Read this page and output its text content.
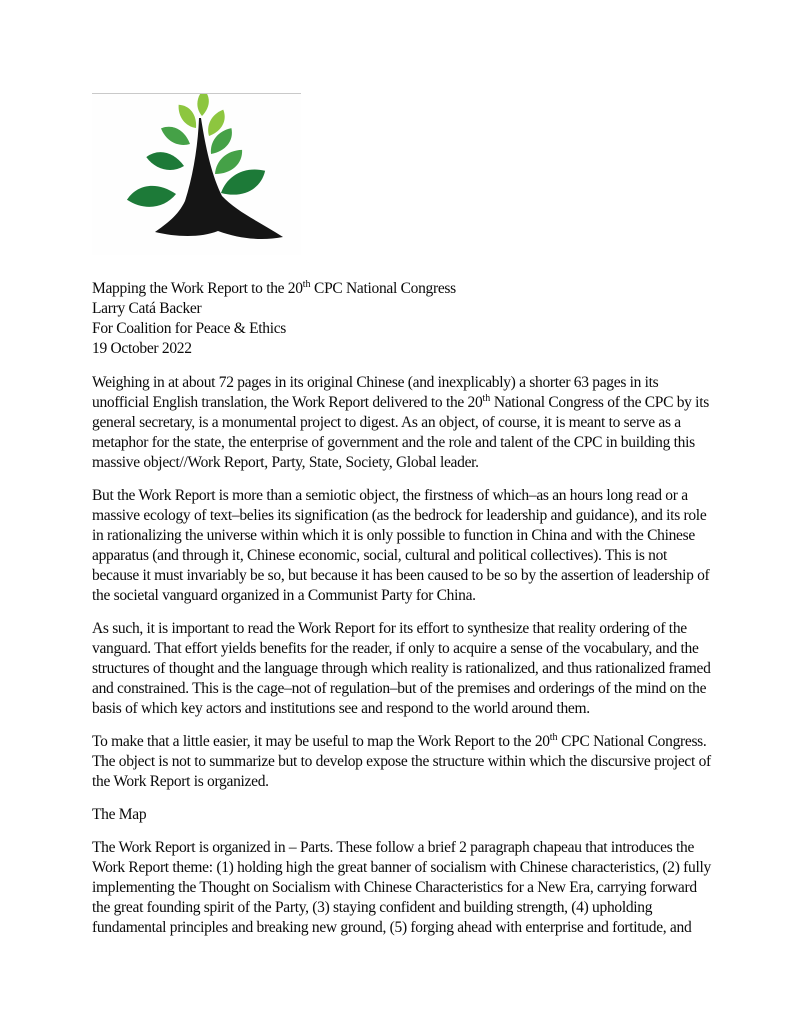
Mapping the Work Report to the 20th CPC National Congress

Larry Catá Backer

For Coalition for Peace & Ethics

19 October 2022

Weighing in at about 72 pages in its original Chinese (and inexplicably) a shorter 63 pages in its unofficial English translation, the Work Report delivered to the 20th National Congress of the CPC by its general secretary, is a monumental project to digest. As an object, of course, it is meant to serve as a metaphor for the state, the enterprise of government and the role and talent of the CPC in building this massive object//Work Report, Party, State, Society, Global leader.

But the Work Report is more than a semiotic object, the firstness of which–as an hours long read or a massive ecology of text–belies its signification (as the bedrock for leadership and guidance), and its role in rationalizing the universe within which it is only possible to function in China and with the Chinese apparatus (and through it, Chinese economic, social, cultural and political collectives). This is not because it must invariably be so, but because it has been caused to be so by the assertion of leadership of the societal vanguard organized in a Communist Party for China.

As such, it is important to read the Work Report for its effort to synthesize that reality ordering of the vanguard. That effort yields benefits for the reader, if only to acquire a sense of the vocabulary, and the structures of thought and the language through which reality is rationalized, and thus rationalized framed and constrained. This is the cage–not of regulation–but of the premises and orderings of the mind on the basis of which key actors and institutions see and respond to the world around them.

To make that a little easier, it may be useful to map the Work Report to the 20th CPC National Congress. The object is not to summarize but to develop expose the structure within which the discursive project of the Work Report is organized.

The Map

The Work Report is organized in – Parts. These follow a brief 2 paragraph chapeau that introduces the Work Report theme: (1) holding high the great banner of socialism with Chinese characteristics, (2) fully implementing the Thought on Socialism with Chinese Characteristics for a New Era, carrying forward the great founding spirit of the Party, (3) staying confident and building strength, (4) upholding fundamental principles and breaking new ground, (5) forging ahead with enterprise and fortitude, and
